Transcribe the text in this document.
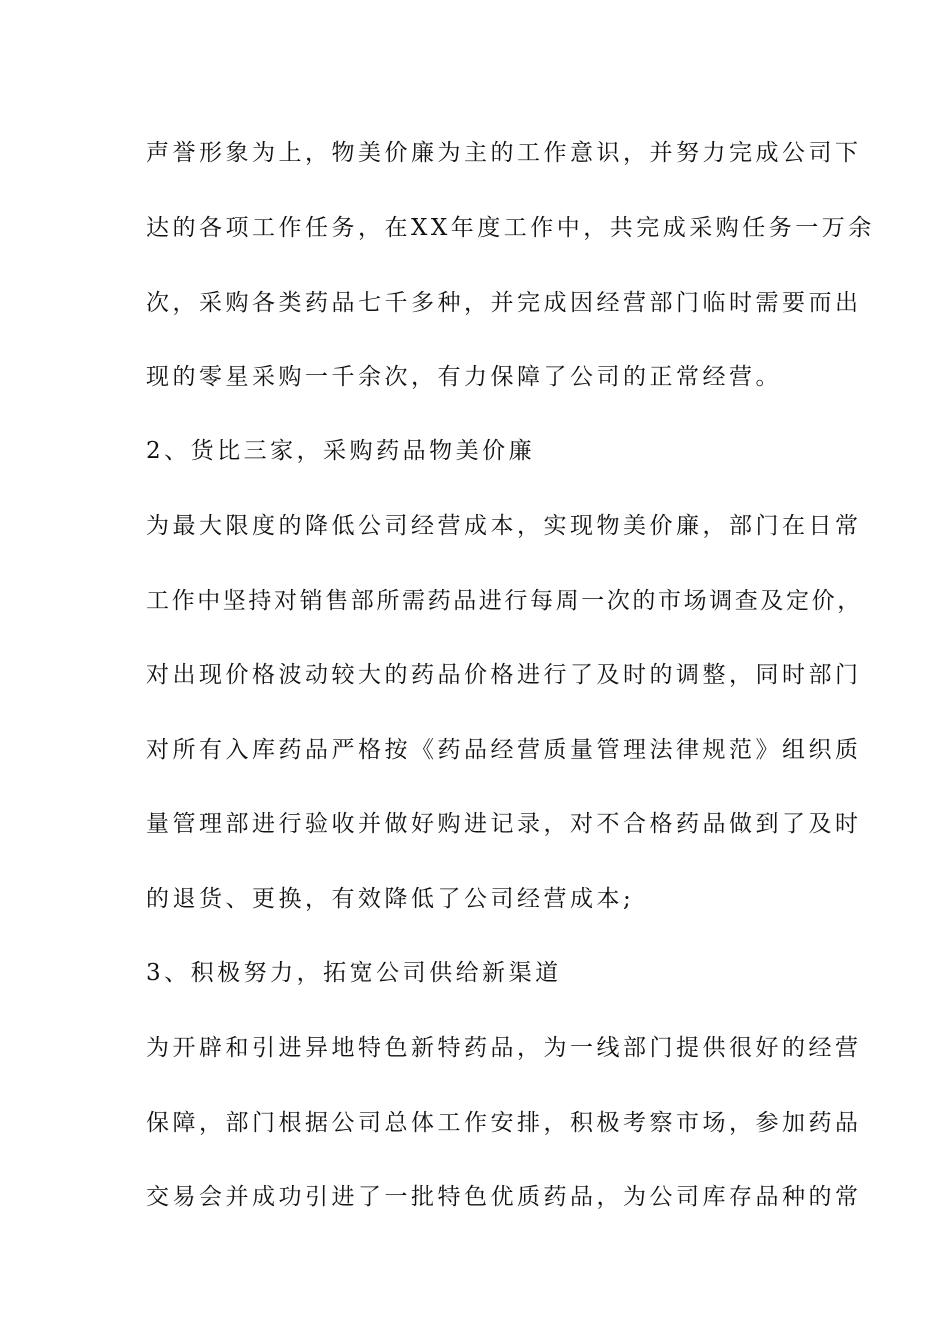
声誉形象为上，物美价廉为主的工作意识，并努力完成公司下

达的各项工作任务，在XX年度工作中，共完成采购任务一万余

次，采购各类药品七千多种，并完成因经营部门临时需要而出

现的零星采购一千余次，有力保障了公司的正常经营。

2、货比三家，采购药品物美价廉

为最大限度的降低公司经营成本，实现物美价廉，部门在日常

工作中坚持对销售部所需药品进行每周一次的市场调查及定价，

对出现价格波动较大的药品价格进行了及时的调整，同时部门

对所有入库药品严格按《药品经营质量管理法律规范》组织质

量管理部进行验收并做好购进记录，对不合格药品做到了及时

的退货、更换，有效降低了公司经营成本;

3、积极努力，拓宽公司供给新渠道

为开辟和引进异地特色新特药品，为一线部门提供很好的经营

保障，部门根据公司总体工作安排，积极考察市场，参加药品

交易会并成功引进了一批特色优质药品，为公司库存品种的常
